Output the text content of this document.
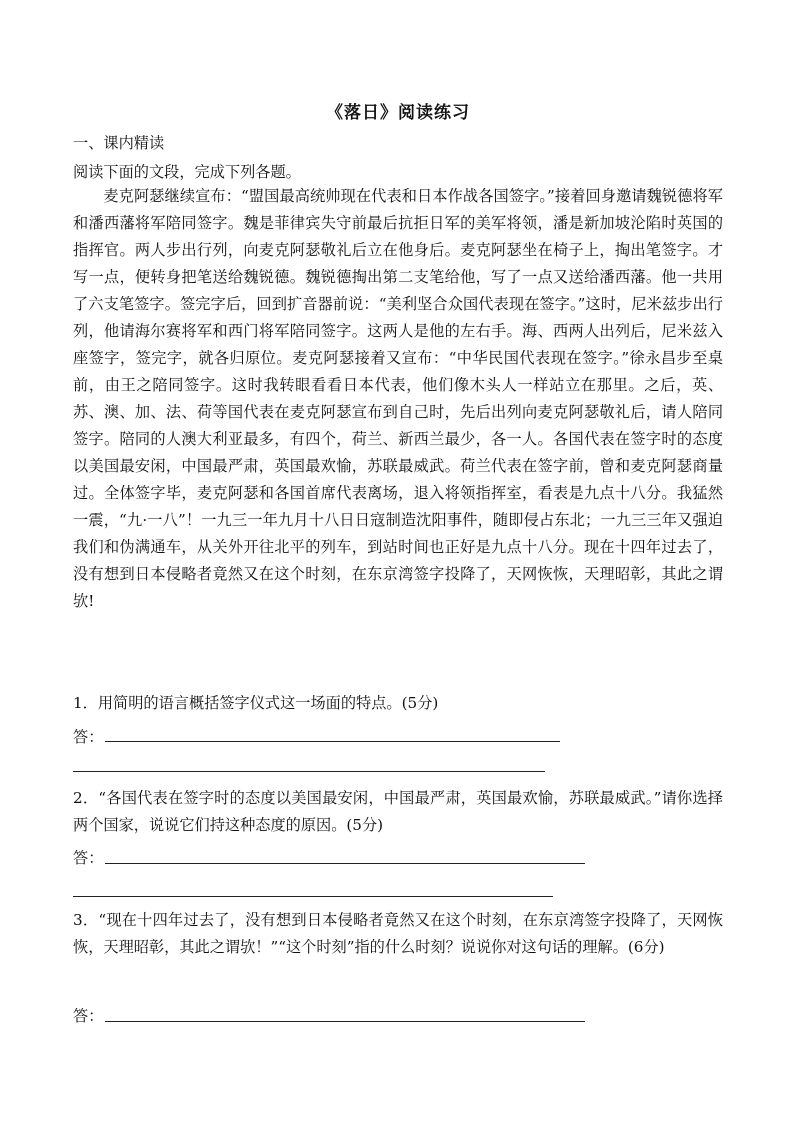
《落日》阅读练习
一、课内精读
阅读下面的文段，完成下列各题。
麦克阿瑟继续宣布：“盟国最高统帅现在代表和日本作战各国签字。”接着回身邀请魏锐德将军和潘西藩将军陪同签字。魏是菲律宾失守前最后抗拒日军的美军将领，潘是新加坡沦陷时英国的指挥官。两人步出行列，向麦克阿瑟敬礼后立在他身后。麦克阿瑟坐在椅子上，掏出笔签字。才写一点，便转身把笔送给魏锐德。魏锐德掏出第二支笔给他，写了一点又送给潘西藩。他一共用了六支笔签字。签完字后，回到扩音器前说：“美利坚合众国代表现在签字。”这时，尼米兹步出行列，他请海尔赛将军和西门将军陪同签字。这两人是他的左右手。海、西两人出列后，尼米兹入座签字，签完字，就各归原位。麦克阿瑟接着又宣布：“中华民国代表现在签字。”徐永昌步至桌前，由王之陪同签字。这时我转眼看看日本代表，他们像木头人一样站立在那里。之后，英、苏、澳、加、法、荷等国代表在麦克阿瑟宣布到自己时，先后出列向麦克阿瑟敬礼后，请人陪同签字。陪同的人澳大利亚最多，有四个，荷兰、新西兰最少，各一人。各国代表在签字时的态度以美国最安闲，中国最严肃，英国最欢愉，苏联最威武。荷兰代表在签字前，曾和麦克阿瑟商量过。全体签字毕，麦克阿瑟和各国首席代表离场，退入将领指挥室，看表是九点十八分。我猛然一震，“九·一八”！一九三一年九月十八日日寇制造沈阳事件，随即侵占东北；一九三三年又强迫我们和伪满通车，从关外开往北平的列车，到站时间也正好是九点十八分。现在十四年过去了，没有想到日本侵略者竟然又在这个时刻，在东京湾签字投降了，天网恢恢，天理昭彰，其此之谓欤!
1．用简明的语言概括签字仪式这一场面的特点。(5分)
答：
2．“各国代表在签字时的态度以美国最安闲，中国最严肃，英国最欢愉，苏联最威武。”请你选择两个国家，说说它们持这种态度的原因。(5分)
答：
3．“现在十四年过去了，没有想到日本侵略者竟然又在这个时刻，在东京湾签字投降了，天网恢恢，天理昭彰，其此之谓欤！”“这个时刻”指的什么时刻？说说你对这句话的理解。(6分)
答：
